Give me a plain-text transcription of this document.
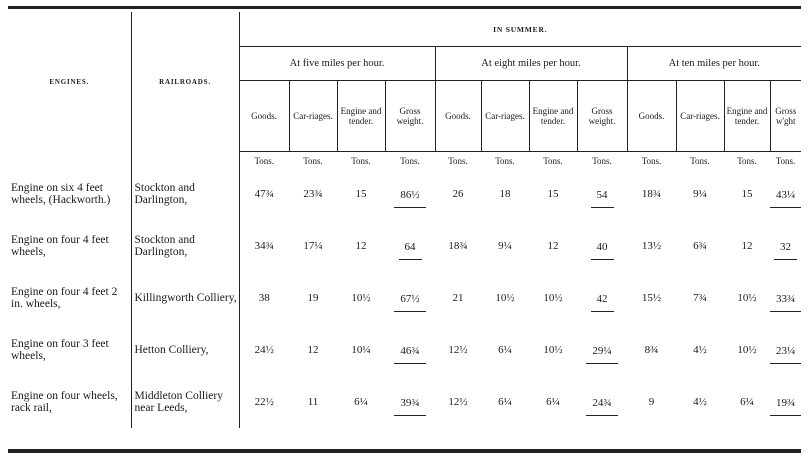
ENGINES.	RAILROADS.	IN SUMMER.											
		At five miles per hour.				At eight miles per hour.				At ten miles per hour.			
		Goods.	Car-riages.	Engine and tender.	Gross weight.	Goods.	Car-riages.	Engine and tender.	Gross weight.	Goods.	Car-riages.	Engine and tender.	Gross w'ght
		Tons.	Tons.	Tons.	Tons.	Tons.	Tons.	Tons.	Tons.	Tons.	Tons.	Tons.	Tons.
Engine on six 4 feet wheels, (Hackworth.)	Stockton and Darlington,	47¾	23¾	15	86½	26	18	15	54	18¾	9¼	15	43¼
Engine on four 4 feet wheels,	Stockton and Darlington,	34¾	17¼	12	64	18¾	9¼	12	40	13½	6¾	12	32
Engine on four 4 feet 2 in. wheels,	Killingworth Colliery,	38	19	10½	67½	21	10½	10½	42	15½	7¾	10½	33¾
Engine on four 3 feet wheels,	Hetton Colliery,	24½	12	10¼	46¾	12½	6¼	10½	29¼	8¾	4½	10½	23¼
Engine on four wheels, rack rail,	Middleton Colliery near Leeds,	22½	11	6¼	39¾	12½	6¼	6¼	24¾	9	4½	6¼	19¾
